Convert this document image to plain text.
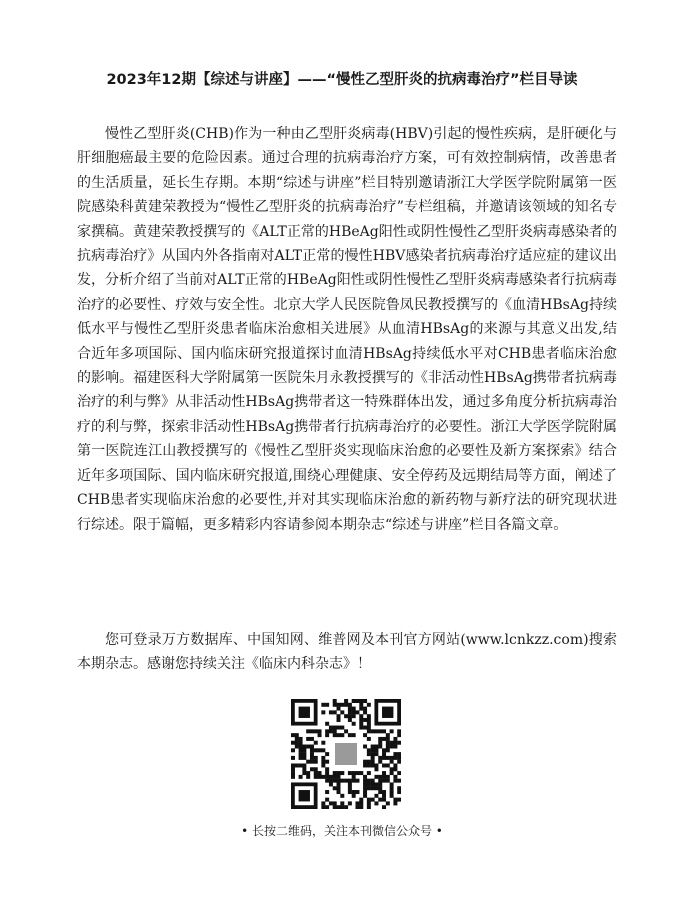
2023年12期【综述与讲座】——“慢性乙型肝炎的抗病毒治疗”栏目导读

慢性乙型肝炎(CHB)作为一种由乙型肝炎病毒(HBV)引起的慢性疾病，是肝硬化与肝细胞癌最主要的危险因素。通过合理的抗病毒治疗方案，可有效控制病情，改善患者的生活质量，延长生存期。本期“综述与讲座”栏目特别邀请浙江大学医学院附属第一医院感染科黄建荣教授为“慢性乙型肝炎的抗病毒治疗”专栏组稿，并邀请该领域的知名专家撰稿。黄建荣教授撰写的《ALT正常的HBeAg阳性或阴性慢性乙型肝炎病毒感染者的抗病毒治疗》从国内外各指南对ALT正常的慢性HBV感染者抗病毒治疗适应症的建议出发，分析介绍了当前对ALT正常的HBeAg阳性或阴性慢性乙型肝炎病毒感染者行抗病毒治疗的必要性、疗效与安全性。北京大学人民医院鲁凤民教授撰写的《血清HBsAg持续低水平与慢性乙型肝炎患者临床治愈相关进展》从血清HBsAg的来源与其意义出发,结合近年多项国际、国内临床研究报道探讨血清HBsAg持续低水平对CHB患者临床治愈的影响。福建医科大学附属第一医院朱月永教授撰写的《非活动性HBsAg携带者抗病毒治疗的利与弊》从非活动性HBsAg携带者这一特殊群体出发，通过多角度分析抗病毒治疗的利与弊，探索非活动性HBsAg携带者行抗病毒治疗的必要性。浙江大学医学院附属第一医院连江山教授撰写的《慢性乙型肝炎实现临床治愈的必要性及新方案探索》结合近年多项国际、国内临床研究报道,围绕心理健康、安全停药及远期结局等方面，阐述了CHB患者实现临床治愈的必要性,并对其实现临床治愈的新药物与新疗法的研究现状进行综述。限于篇幅，更多精彩内容请参阅本期杂志“综述与讲座”栏目各篇文章。

您可登录万方数据库、中国知网、维普网及本刊官方网站(www.lcnkzz.com)搜索本期杂志。感谢您持续关注《临床内科杂志》！

• 长按二维码，关注本刊微信公众号 •
